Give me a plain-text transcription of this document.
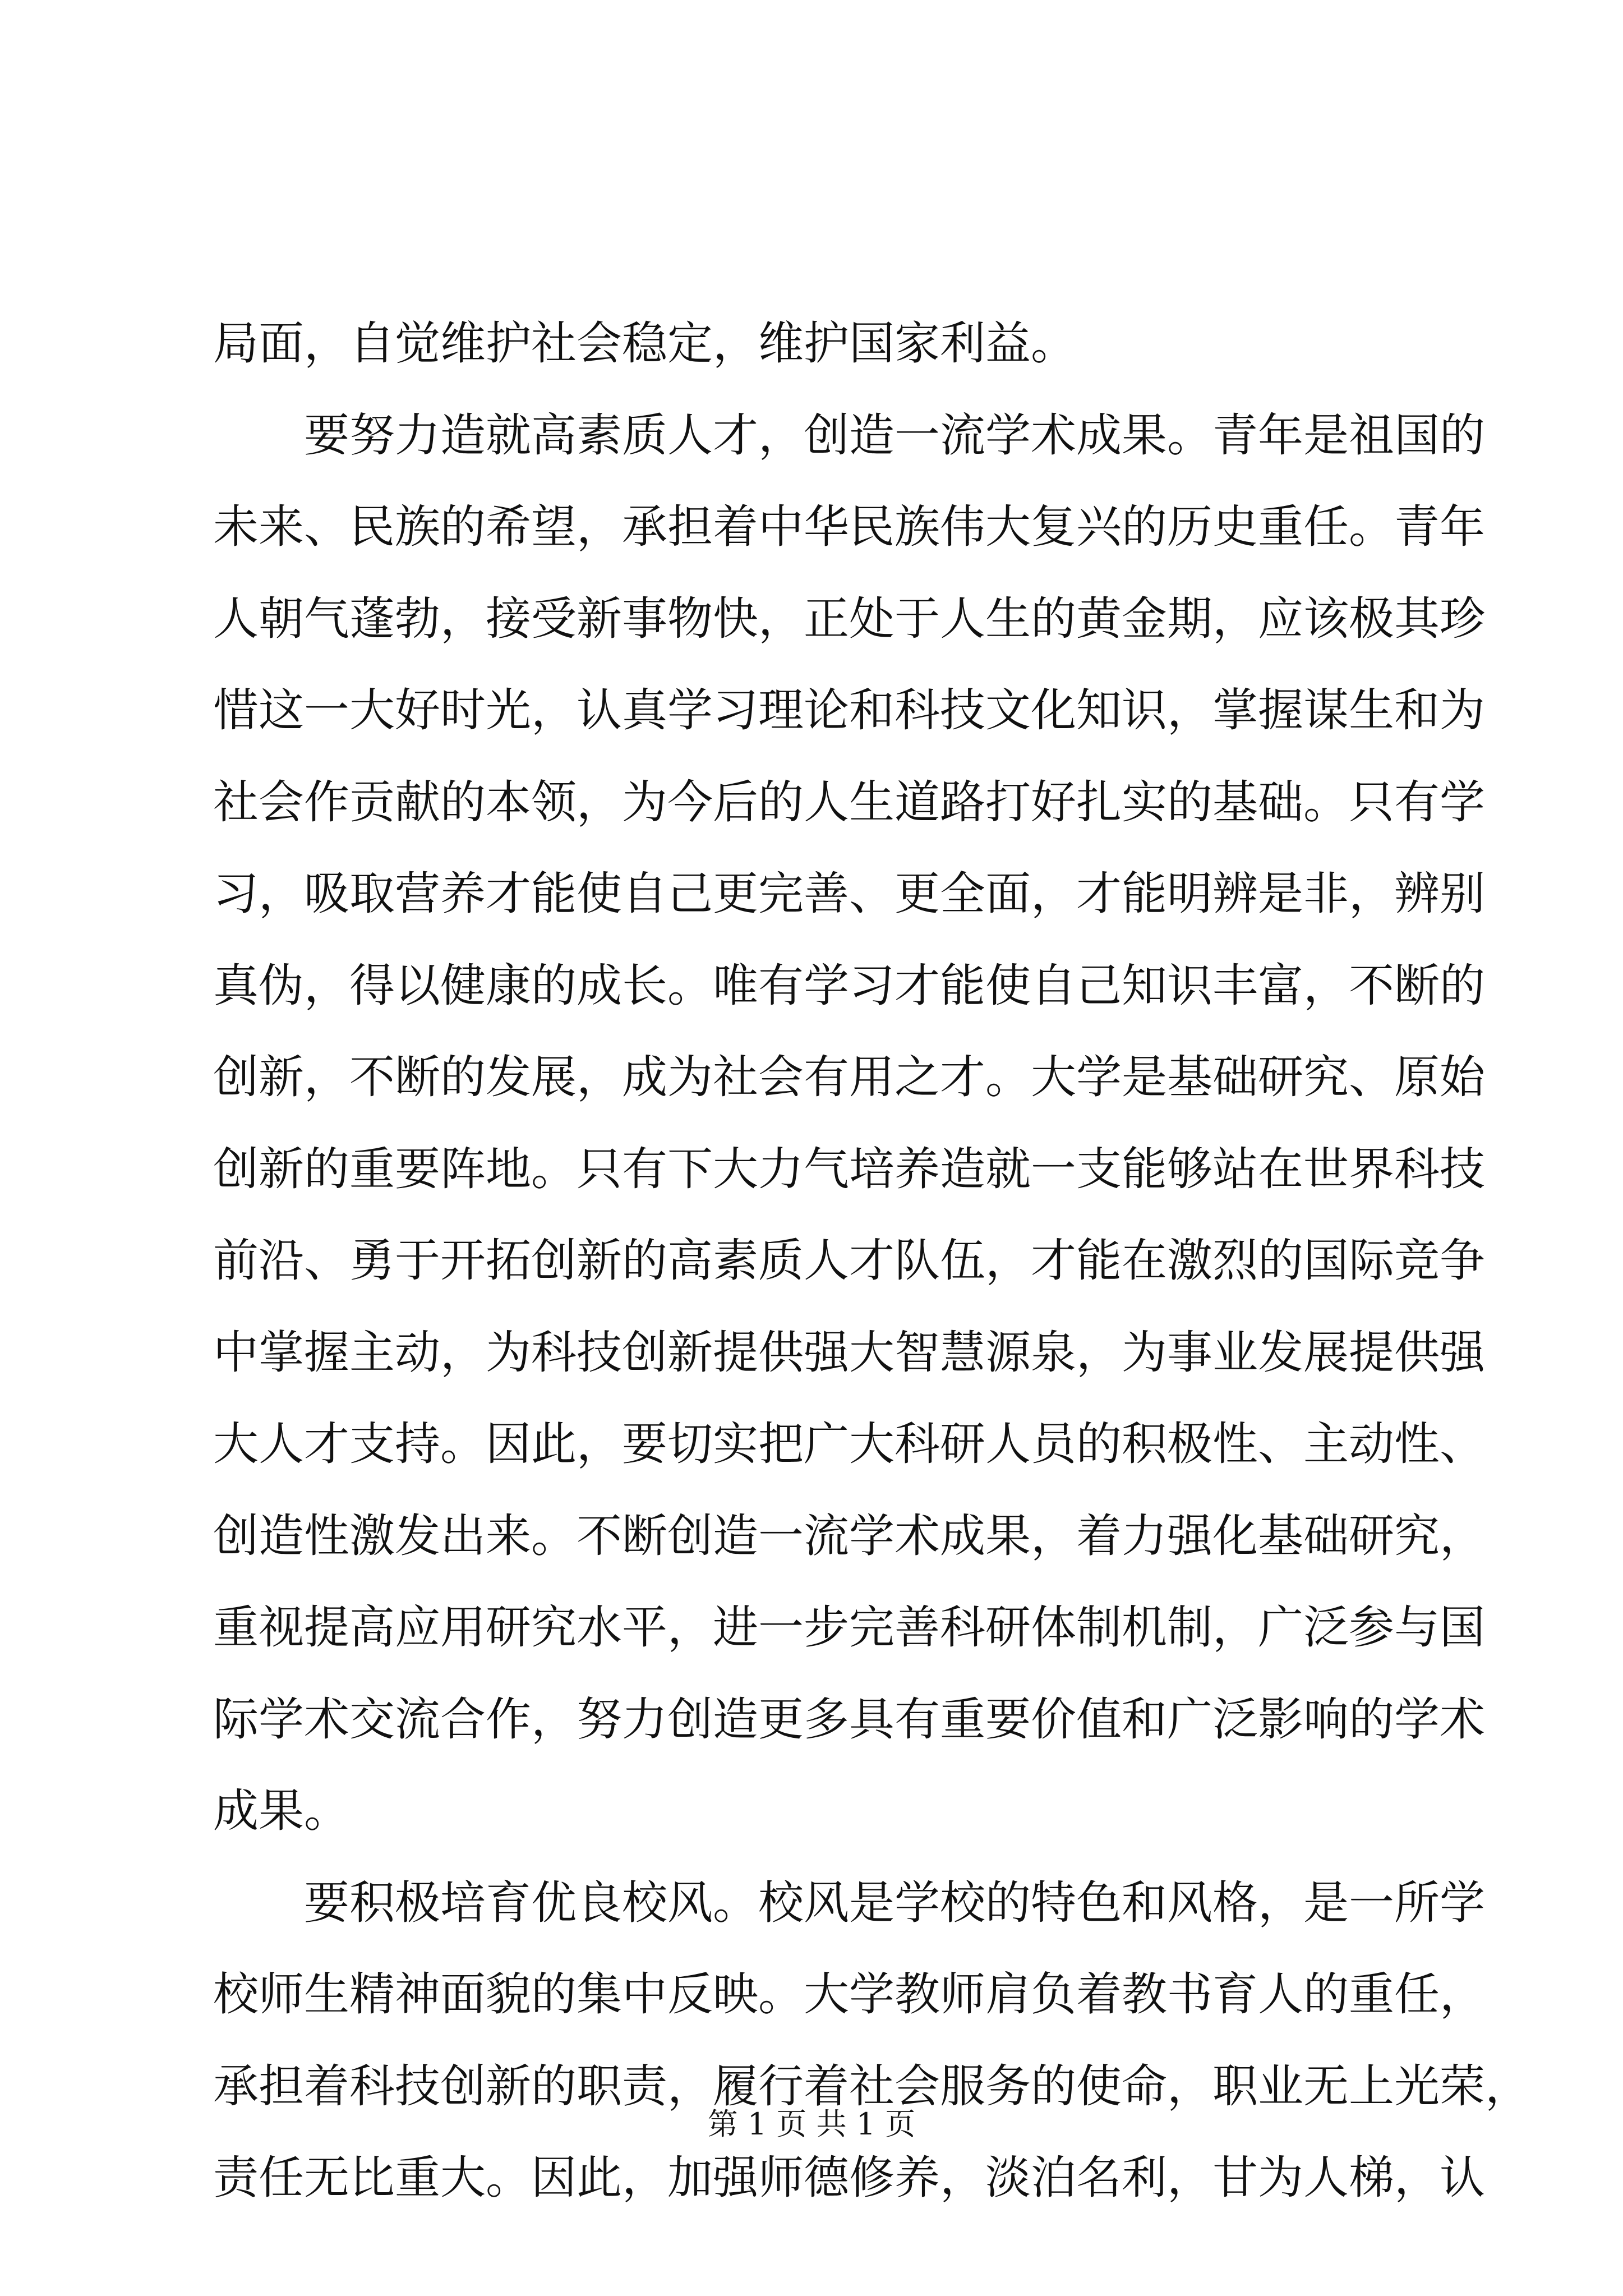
局面，自觉维护社会稳定，维护国家利益。
要努力造就高素质人才，创造一流学术成果。青年是祖国的
未来、民族的希望，承担着中华民族伟大复兴的历史重任。青年
人朝气蓬勃，接受新事物快，正处于人生的黄金期，应该极其珍
惜这一大好时光，认真学习理论和科技文化知识，掌握谋生和为
社会作贡献的本领，为今后的人生道路打好扎实的基础。只有学
习，吸取营养才能使自己更完善、更全面，才能明辨是非，辨别
真伪，得以健康的成长。唯有学习才能使自己知识丰富，不断的
创新，不断的发展，成为社会有用之才。大学是基础研究、原始
创新的重要阵地。只有下大力气培养造就一支能够站在世界科技
前沿、勇于开拓创新的高素质人才队伍，才能在激烈的国际竞争
中掌握主动，为科技创新提供强大智慧源泉，为事业发展提供强
大人才支持。因此，要切实把广大科研人员的积极性、主动性、
创造性激发出来。不断创造一流学术成果，着力强化基础研究，
重视提高应用研究水平，进一步完善科研体制机制，广泛参与国
际学术交流合作，努力创造更多具有重要价值和广泛影响的学术
成果。
要积极培育优良校风。校风是学校的特色和风格，是一所学
校师生精神面貌的集中反映。大学教师肩负着教书育人的重任，
承担着科技创新的职责，履行着社会服务的使命，职业无上光荣，
责任无比重大。因此，加强师德修养，淡泊名利，甘为人梯，认
第 1 页 共 1 页
